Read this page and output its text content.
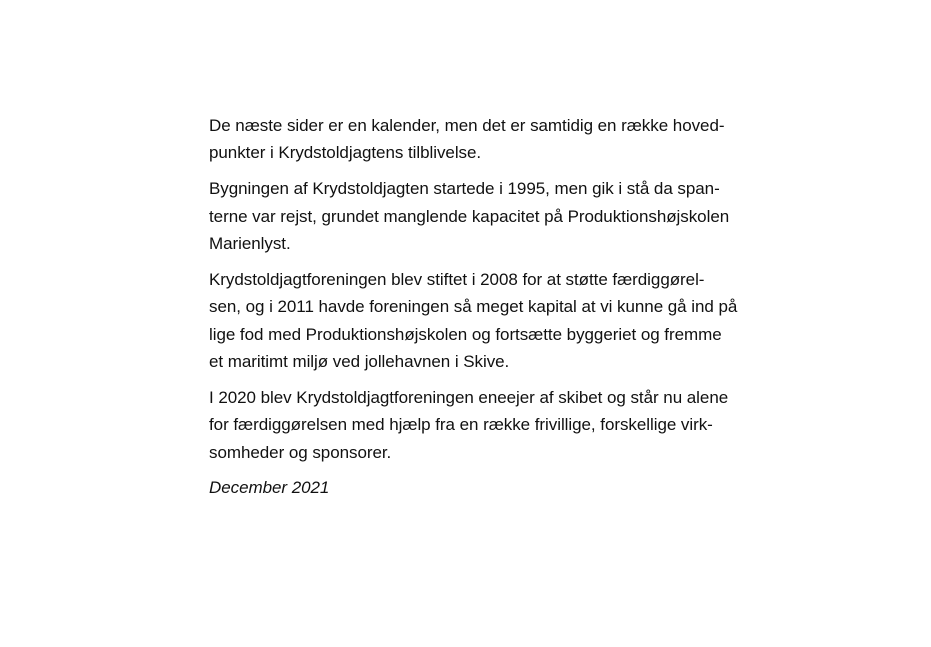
De næste sider er en kalender, men det er samtidig en række hoved-
punkter i Krydstoldjagtens tilblivelse.
Bygningen af Krydstoldjagten startede i 1995, men gik i stå da span-
terne var rejst, grundet manglende kapacitet på Produktionshøjskolen
Marienlyst.
Krydstoldjagtforeningen blev stiftet i 2008 for at støtte færdiggørel-
sen, og i 2011 havde foreningen så meget kapital at vi kunne gå ind på
lige fod med Produktionshøjskolen og fortsætte byggeriet og fremme
et maritimt miljø ved jollehavnen i Skive.
I 2020 blev Krydstoldjagtforeningen eneejer af skibet og står nu alene
for færdiggørelsen med hjælp fra en række frivillige, forskellige virk-
somheder og sponsorer.
December 2021
